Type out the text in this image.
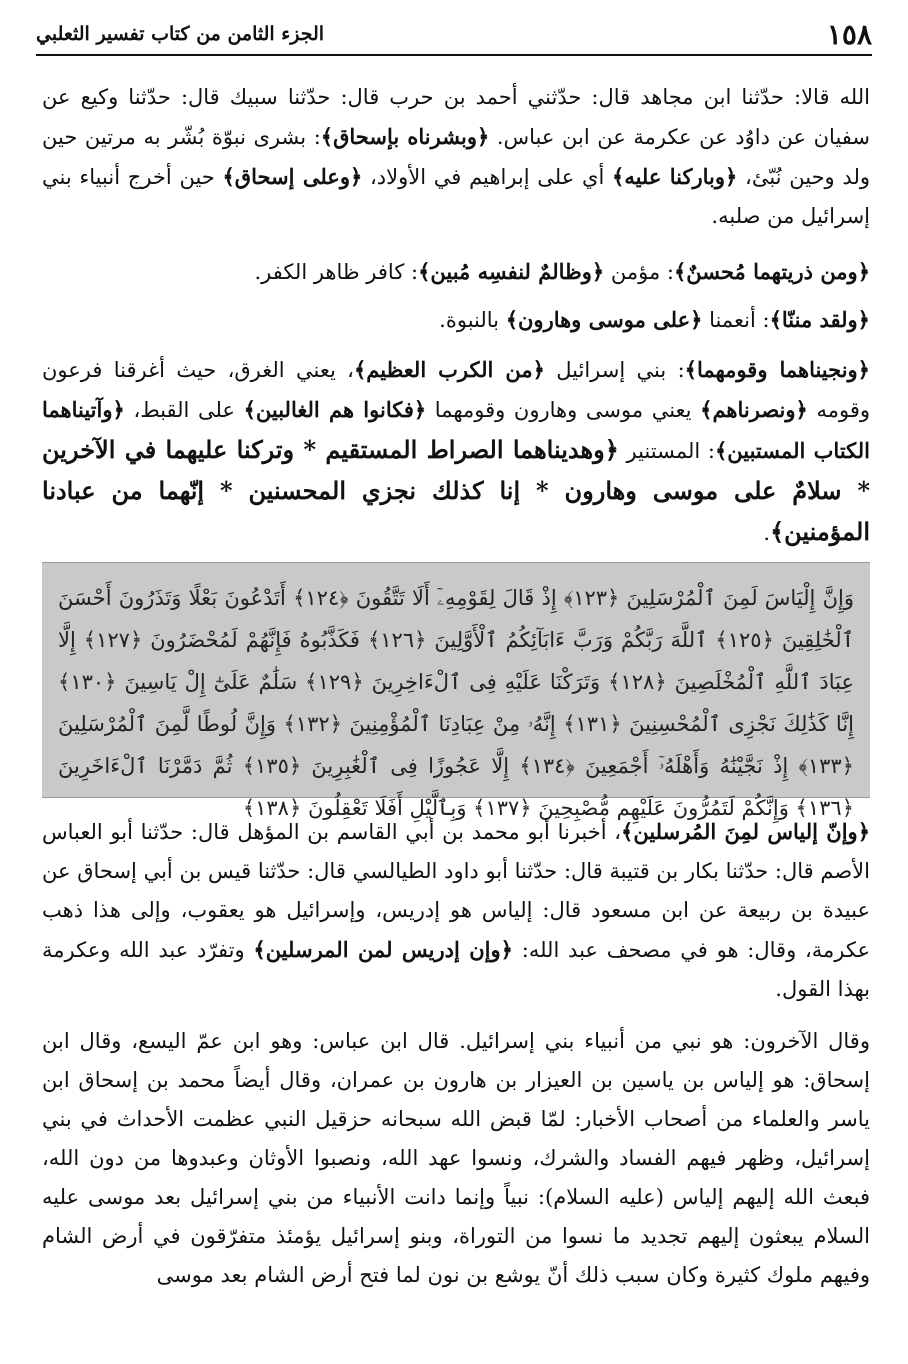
١٥٨
الجزء الثامن من كتاب تفسير الثعلبي

الله قالا: حدّثنا ابن مجاهد قال: حدّثني أحمد بن حرب قال: حدّثنا سبيك قال: حدّثنا وكيع عن سفيان عن داوُد عن عكرمة عن ابن عباس. ﴿وبشرناه بإسحاق﴾: بشرى نبوّة بُشّر به مرتين حين ولد وحين نُبّئ، ﴿وباركنا عليه﴾ أي على إبراهيم في الأولاد، ﴿وعلى إسحاق﴾ حين أخرج أنبياء بني إسرائيل من صلبه.

﴿ومن ذريتهما مُحسنٌ﴾: مؤمن ﴿وظالمٌ لنفسِه مُبين﴾: كافر ظاهر الكفر.

﴿ولقد مننّا﴾: أنعمنا ﴿على موسى وهارون﴾ بالنبوة.

﴿ونجيناهما وقومهما﴾: بني إسرائيل ﴿من الكرب العظيم﴾، يعني الغرق، حيث أغرقنا فرعون وقومه ﴿ونصرناهم﴾ يعني موسى وهارون وقومهما ﴿فكانوا هم الغالبين﴾ على القبط، ﴿وآتيناهما الكتاب المستبين﴾: المستنير ﴿وهديناهما الصراط المستقيم * وتركنا عليهما في الآخرين * سلامٌ على موسى وهارون * إنا كذلك نجزي المحسنين * إنّهما من عبادنا المؤمنين﴾.

وَإِنَّ إِلْيَاسَ لَمِنَ ٱلْمُرْسَلِينَ ﴿١٢٣﴾ إِذْ قَالَ لِقَوْمِهِۦٓ أَلَا تَتَّقُونَ ﴿١٢٤﴾ أَتَدْعُونَ بَعْلًا وَتَذَرُونَ أَحْسَنَ ٱلْخَٰلِقِينَ ﴿١٢٥﴾ ٱللَّهَ رَبَّكُمْ وَرَبَّ ءَابَآئِكُمُ ٱلْأَوَّلِينَ ﴿١٢٦﴾ فَكَذَّبُوهُ فَإِنَّهُمْ لَمُحْضَرُونَ ﴿١٢٧﴾ إِلَّا عِبَادَ ٱللَّهِ ٱلْمُخْلَصِينَ ﴿١٢٨﴾ وَتَرَكْنَا عَلَيْهِ فِى ٱلْءَاخِرِينَ ﴿١٢٩﴾ سَلَٰمٌ عَلَىٰٓ إِلْ يَاسِينَ ﴿١٣٠﴾ إِنَّا كَذَٰلِكَ نَجْزِى ٱلْمُحْسِنِينَ ﴿١٣١﴾ إِنَّهُۥ مِنْ عِبَادِنَا ٱلْمُؤْمِنِينَ ﴿١٣٢﴾ وَإِنَّ لُوطًا لَّمِنَ ٱلْمُرْسَلِينَ ﴿١٣٣﴾ إِذْ نَجَّيْنَٰهُ وَأَهْلَهُۥٓ أَجْمَعِينَ ﴿١٣٤﴾ إِلَّا عَجُوزًا فِى ٱلْغَٰبِرِينَ ﴿١٣٥﴾ ثُمَّ دَمَّرْنَا ٱلْءَاخَرِينَ ﴿١٣٦﴾ وَإِنَّكُمْ لَتَمُرُّونَ عَلَيْهِم مُّصْبِحِينَ ﴿١٣٧﴾ وَبِٱلَّيْلِ أَفَلَا تَعْقِلُونَ ﴿١٣٨﴾

﴿وإنّ إلياس لمِنَ المُرسلين﴾، أخبرنا أبو محمد بن أبي القاسم بن المؤهل قال: حدّثنا أبو العباس الأصم قال: حدّثنا بكار بن قتيبة قال: حدّثنا أبو داود الطيالسي قال: حدّثنا قيس بن أبي إسحاق عن عبيدة بن ربيعة عن ابن مسعود قال: إلياس هو إدريس، وإسرائيل هو يعقوب، وإلى هذا ذهب عكرمة، وقال: هو في مصحف عبد الله: ﴿وإن إدريس لمن المرسلين﴾ وتفرّد عبد الله وعكرمة بهذا القول.

وقال الآخرون: هو نبي من أنبياء بني إسرائيل. قال ابن عباس: وهو ابن عمّ اليسع، وقال ابن إسحاق: هو إلياس بن ياسين بن العيزار بن هارون بن عمران، وقال أيضاً محمد بن إسحاق ابن ياسر والعلماء من أصحاب الأخبار: لمّا قبض الله سبحانه حزقيل النبي عظمت الأحداث في بني إسرائيل، وظهر فيهم الفساد والشرك، ونسوا عهد الله، ونصبوا الأوثان وعبدوها من دون الله، فبعث الله إليهم إلياس (عليه السلام): نبياً وإنما دانت الأنبياء من بني إسرائيل بعد موسى عليه السلام يبعثون إليهم تجديد ما نسوا من التوراة، وبنو إسرائيل يؤمئذ متفرّقون في أرض الشام وفيهم ملوك كثيرة وكان سبب ذلك أنّ يوشع بن نون لما فتح أرض الشام بعد موسى
